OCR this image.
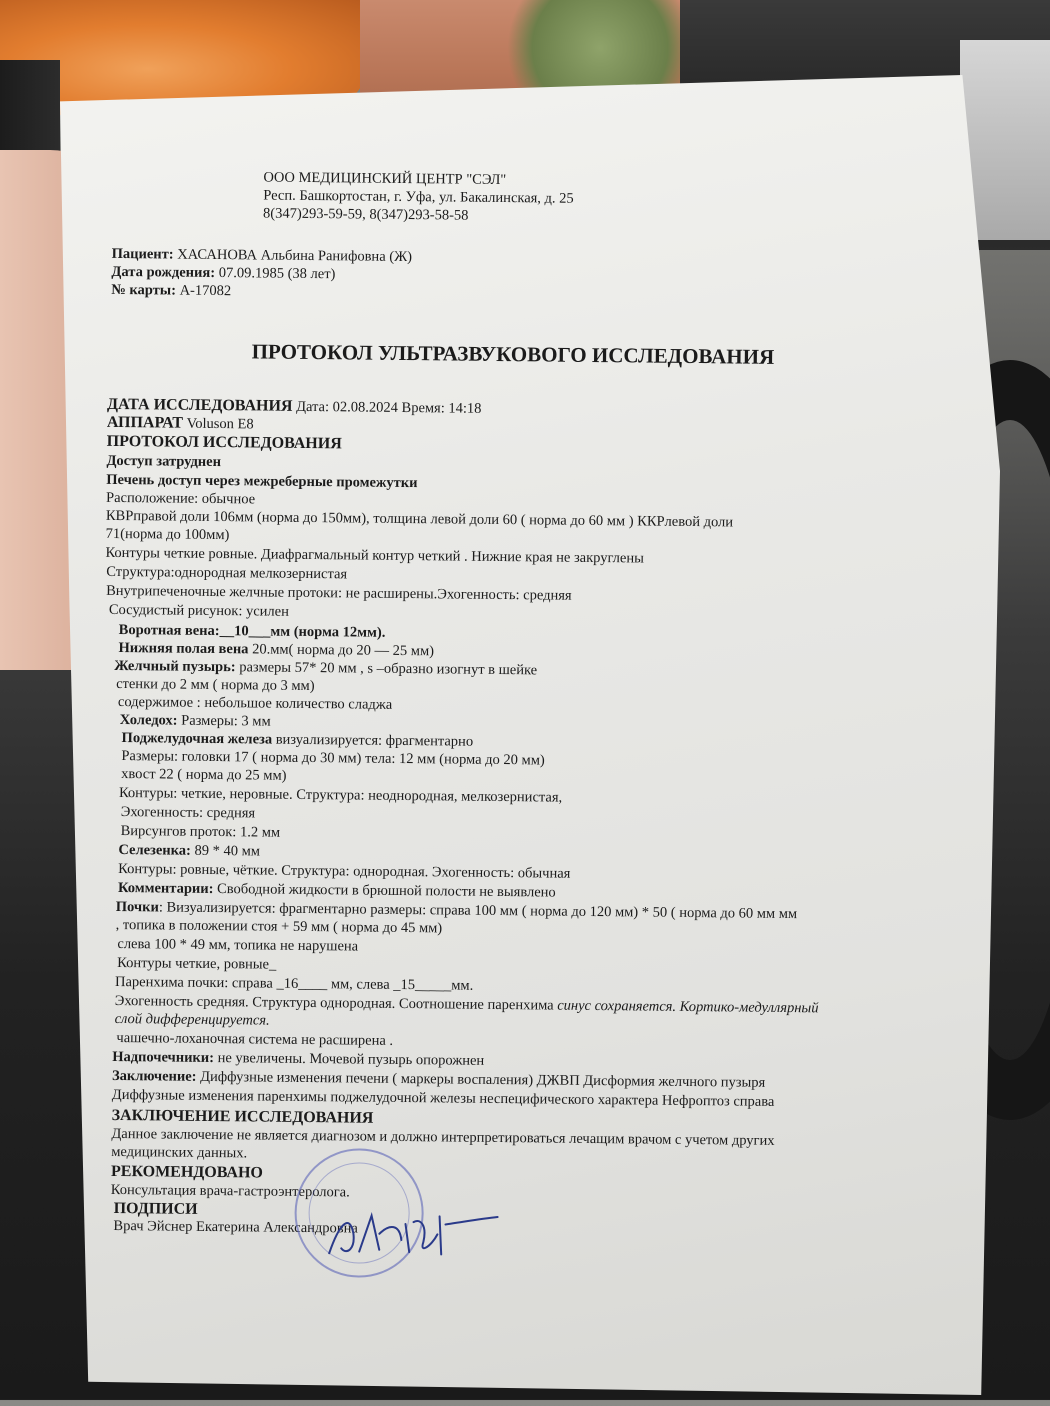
ООО МЕДИЦИНСКИЙ ЦЕНТР "СЭЛ"
Респ. Башкортостан, г. Уфа, ул. Бакалинская, д. 25
8(347)293-59-59, 8(347)293-58-58
Пациент: ХАСАНОВА Альбина Ранифовна (Ж)
Дата рождения: 07.09.1985 (38 лет)
№ карты: А-17082
ПРОТОКОЛ УЛЬТРАЗВУКОВОГО ИССЛЕДОВАНИЯ
ДАТА ИССЛЕДОВАНИЯ Дата: 02.08.2024 Время: 14:18
АППАРАТ Voluson E8
ПРОТОКОЛ ИССЛЕДОВАНИЯ
Доступ затруднен
Печень доступ через межреберные промежутки
Расположение: обычное
КВРправой доли 106мм (норма до 150мм), толщина левой доли 60 ( норма до 60 мм ) ККРлевой доли
71(норма до 100мм)
Контуры четкие ровные. Диафрагмальный контур четкий . Нижние края не закруглены
Структура:однородная мелкозернистая
Внутрипеченочные желчные протоки: не расширены.Эхогенность: средняя
Сосудистый рисунок: усилен
Воротная вена:__10___мм (норма 12мм).
Нижняя полая вена 20.мм( норма до 20 — 25 мм)
Желчный пузырь: размеры 57* 20 мм , s –образно изогнут в шейке
стенки до 2 мм ( норма до 3 мм)
содержимое : небольшое количество сладжа
Холедох: Размеры: 3 мм
Поджелудочная железа визуализируется: фрагментарно
Размеры: головки 17 ( норма до 30 мм) тела: 12 мм (норма до 20 мм)
хвост 22 ( норма до 25 мм)
Контуры: четкие, неровные. Структура: неоднородная, мелкозернистая,
Эхогенность: средняя
Вирсунгов проток: 1.2 мм
Селезенка: 89 * 40 мм
Контуры: ровные, чёткие. Структура: однородная. Эхогенность: обычная
Комментарии: Свободной жидкости в брюшной полости не выявлено
Почки: Визуализируется: фрагментарно размеры: справа 100 мм ( норма до 120 мм) * 50 ( норма до 60 мм мм
, топика в положении стоя + 59 мм ( норма до 45 мм)
слева 100 * 49 мм, топика не нарушена
Контуры четкие, ровные_
Паренхима почки: справа _16____ мм, слева _15_____мм.
Эхогенность средняя. Структура однородная. Соотношение паренхима синус сохраняется. Кортико-медуллярный
слой дифференцируется.
чашечно-лоханочная система не расширена .
Надпочечники: не увеличены. Мочевой пузырь опорожнен
Заключение: Диффузные изменения печени ( маркеры воспаления) ДЖВП Дисформия желчного пузыря
Диффузные изменения паренхимы поджелудочной железы неспецифического характера Нефроптоз справа
ЗАКЛЮЧЕНИЕ ИССЛЕДОВАНИЯ
Данное заключение не является диагнозом и должно интерпретироваться лечащим врачом с учетом других
медицинских данных.
РЕКОМЕНДОВАНО
Консультация врача-гастроэнтеролога.
ПОДПИСИ
Врач Эйснер Екатерина Александровна
